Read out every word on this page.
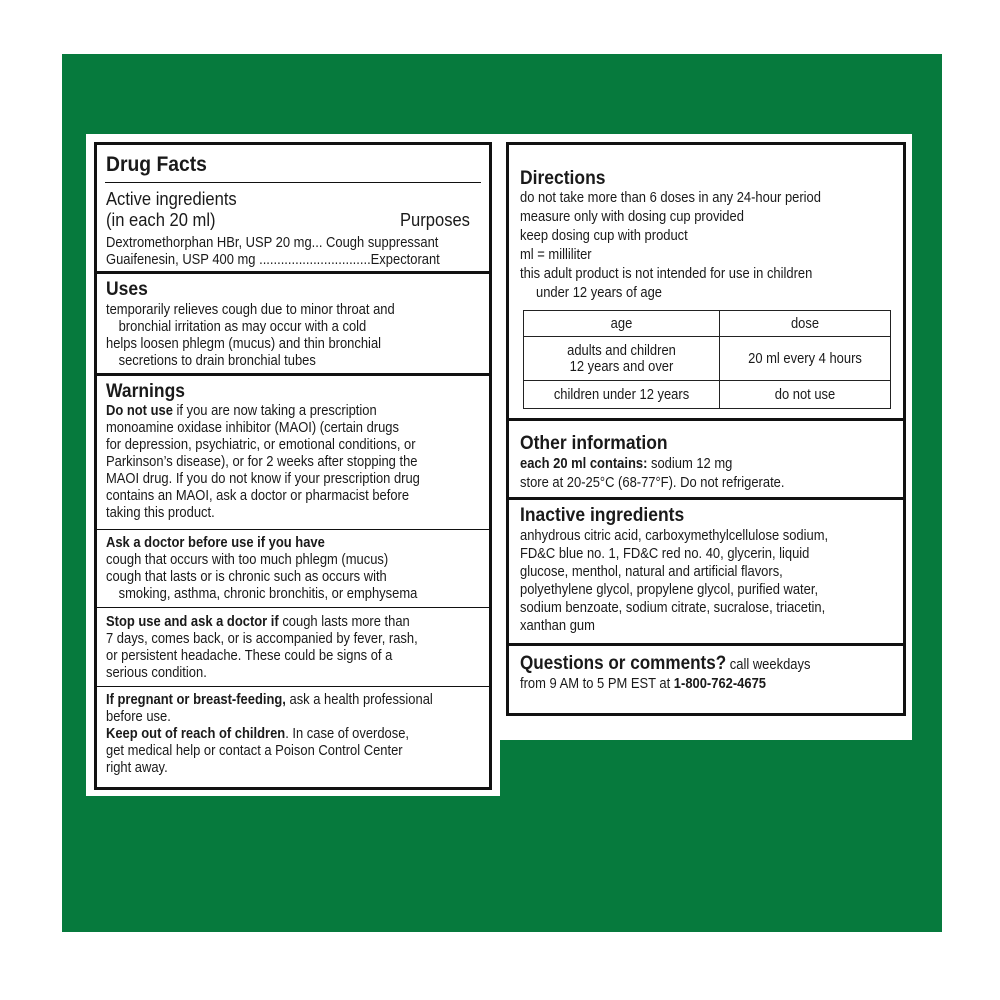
Drug Facts
Active ingredients
(in each 20 ml)	Purposes
Dextromethorphan HBr, USP 20 mg... Cough suppressant
Guaifenesin, USP 400 mg ...............................Expectorant
Uses
temporarily relieves cough due to minor throat and
bronchial irritation as may occur with a cold
helps loosen phlegm (mucus) and thin bronchial
secretions to drain bronchial tubes
Warnings
Do not use if you are now taking a prescription
monoamine oxidase inhibitor (MAOI) (certain drugs
for depression, psychiatric, or emotional conditions, or
Parkinson’s disease), or for 2 weeks after stopping the
MAOI drug. If you do not know if your prescription drug
contains an MAOI, ask a doctor or pharmacist before
taking this product.
Ask a doctor before use if you have
cough that occurs with too much phlegm (mucus)
cough that lasts or is chronic such as occurs with
smoking, asthma, chronic bronchitis, or emphysema
Stop use and ask a doctor if cough lasts more than
7 days, comes back, or is accompanied by fever, rash,
or persistent headache. These could be signs of a
serious condition.
If pregnant or breast-feeding, ask a health professional
before use.
Keep out of reach of children. In case of overdose,
get medical help or contact a Poison Control Center
right away.
Directions
do not take more than 6 doses in any 24-hour period
measure only with dosing cup provided
keep dosing cup with product
ml = milliliter
this adult product is not intended for use in children
under 12 years of age
age	dose

adults and children
12 years and over	20 ml every 4 hours

children under 12 years	do not use
Other information
each 20 ml contains: sodium 12 mg
store at 20-25°C (68-77°F). Do not refrigerate.
Inactive ingredients
anhydrous citric acid, carboxymethylcellulose sodium,
FD&C blue no. 1, FD&C red no. 40, glycerin, liquid
glucose, menthol, natural and artificial flavors,
polyethylene glycol, propylene glycol, purified water,
sodium benzoate, sodium citrate, sucralose, triacetin,
xanthan gum
Questions or comments? call weekdays
from 9 AM to 5 PM EST at 1-800-762-4675
